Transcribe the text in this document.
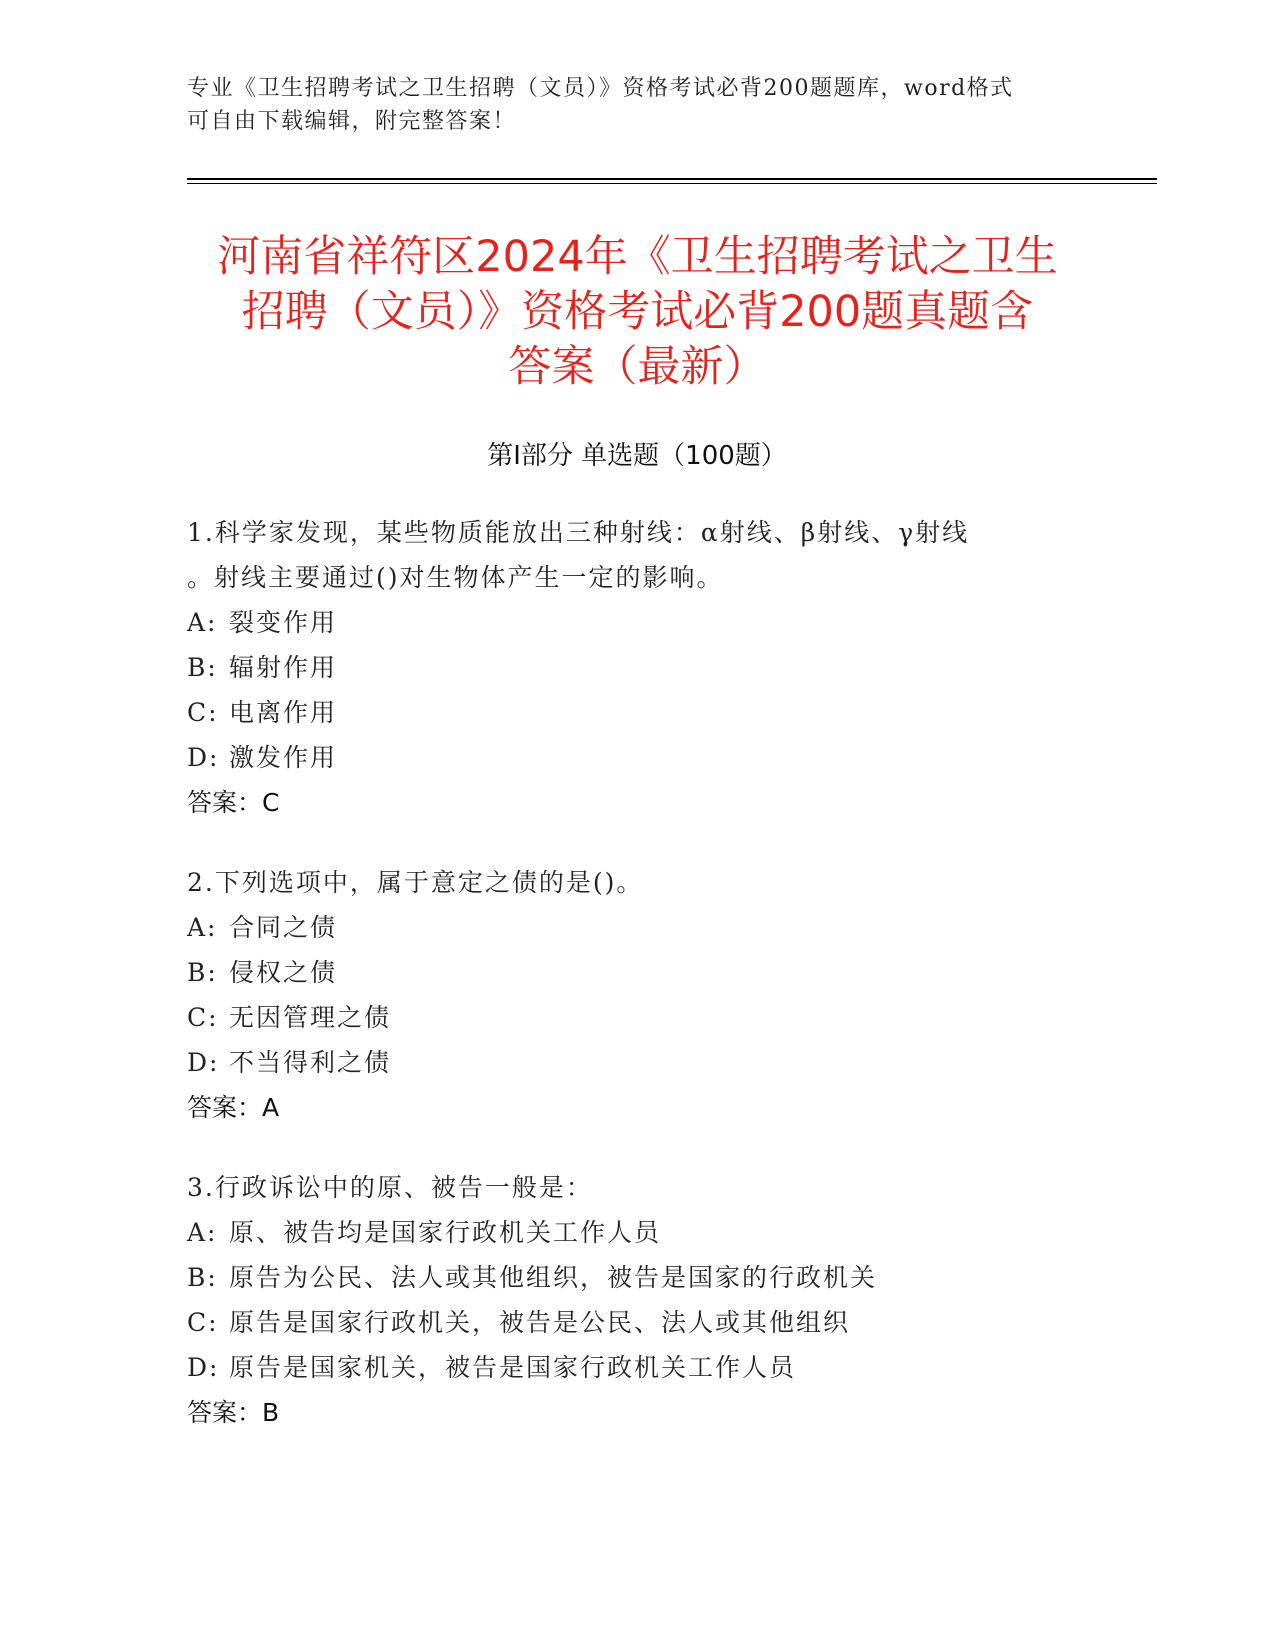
专业《卫生招聘考试之卫生招聘（文员）》资格考试必背200题题库，word格式
可自由下载编辑，附完整答案！
河南省祥符区2024年《卫生招聘考试之卫生
招聘（文员）》资格考试必背200题真题含
答案（最新）
第Ⅰ部分 单选题（100题）

1.科学家发现，某些物质能放出三种射线：α射线、β射线、γ射线

。射线主要通过()对生物体产生一定的影响。

A: 裂变作用

B: 辐射作用

C: 电离作用

D: 激发作用

答案：C

2.下列选项中，属于意定之债的是()。

A: 合同之债

B: 侵权之债

C: 无因管理之债

D: 不当得利之债

答案：A

3.行政诉讼中的原、被告一般是：

A: 原、被告均是国家行政机关工作人员

B: 原告为公民、法人或其他组织，被告是国家的行政机关

C: 原告是国家行政机关，被告是公民、法人或其他组织

D: 原告是国家机关，被告是国家行政机关工作人员

答案：B
